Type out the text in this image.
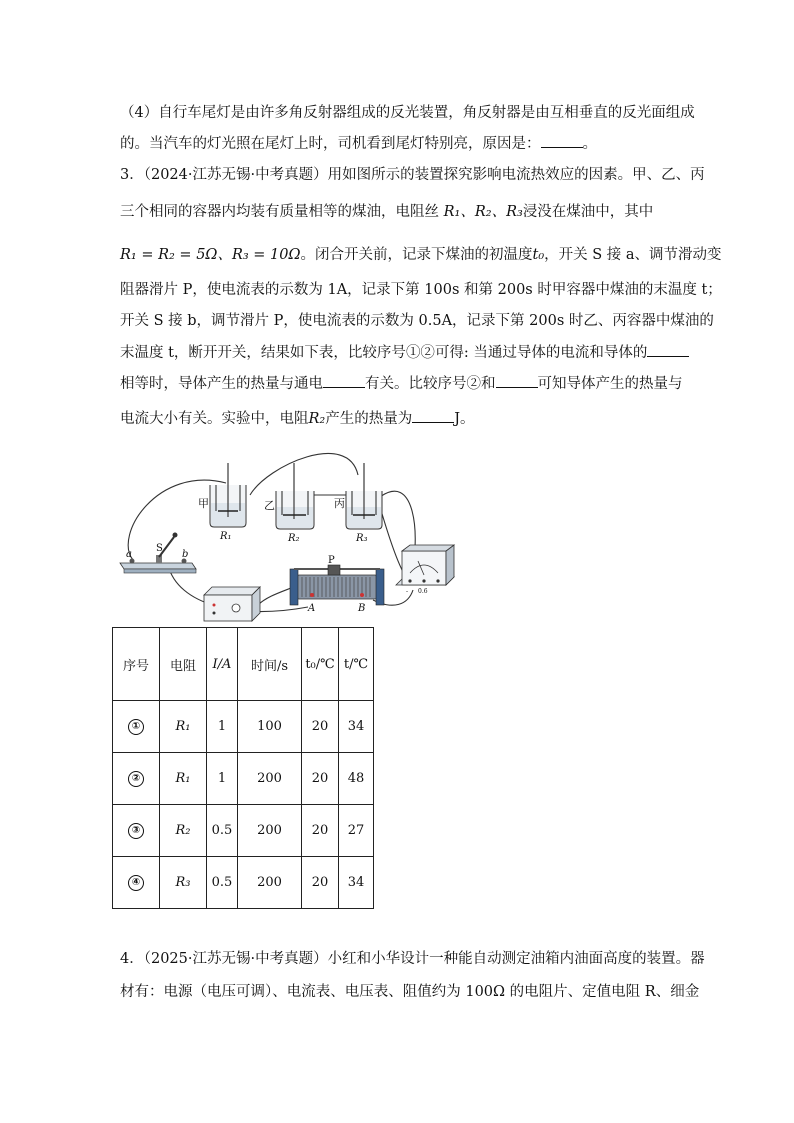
（4）自行车尾灯是由许多角反射器组成的反光装置，角反射器是由互相垂直的反光面组成
的。当汽车的灯光照在尾灯上时，司机看到尾灯特别亮，原因是：	。
3．（2024·江苏无锡·中考真题）用如图所示的装置探究影响电流热效应的因素。甲、乙、丙
三个相同的容器内均装有质量相等的煤油，电阻丝 R₁、R₂、R₃浸没在煤油中，其中
R₁ = R₂ = 5Ω、R₃ = 10Ω。闭合开关前，记录下煤油的初温度t₀，开关 S 接 a、调节滑动变
阻器滑片 P，使电流表的示数为 1A，记录下第 100s 和第 200s 时甲容器中煤油的末温度 t；
开关 S 接 b，调节滑片 P，使电流表的示数为 0.5A，记录下第 200s 时乙、丙容器中煤油的
末温度 t，断开开关，结果如下表，比较序号①②可得: 当通过导体的电流和导体的
相等时，导体产生的热量与通电	有关。比较序号②和	可知导体产生的热量与
电流大小有关。实验中，电阻R₂产生的热量为	J。
甲	乙	丙
R₁	R₂	R₃
S
a	b
P
A	B
0.6
-
序号	电阻	I/A	时间/s	t₀/℃	t/℃
①	R₁	1	100	20	34
②	R₁	1	200	20	48
③	R₂	0.5	200	20	27
④	R₃	0.5	200	20	34
4．（2025·江苏无锡·中考真题）小红和小华设计一种能自动测定油箱内油面高度的装置。器
材有：电源（电压可调）、电流表、电压表、阻值约为 100Ω 的电阻片、定值电阻 R、细金
